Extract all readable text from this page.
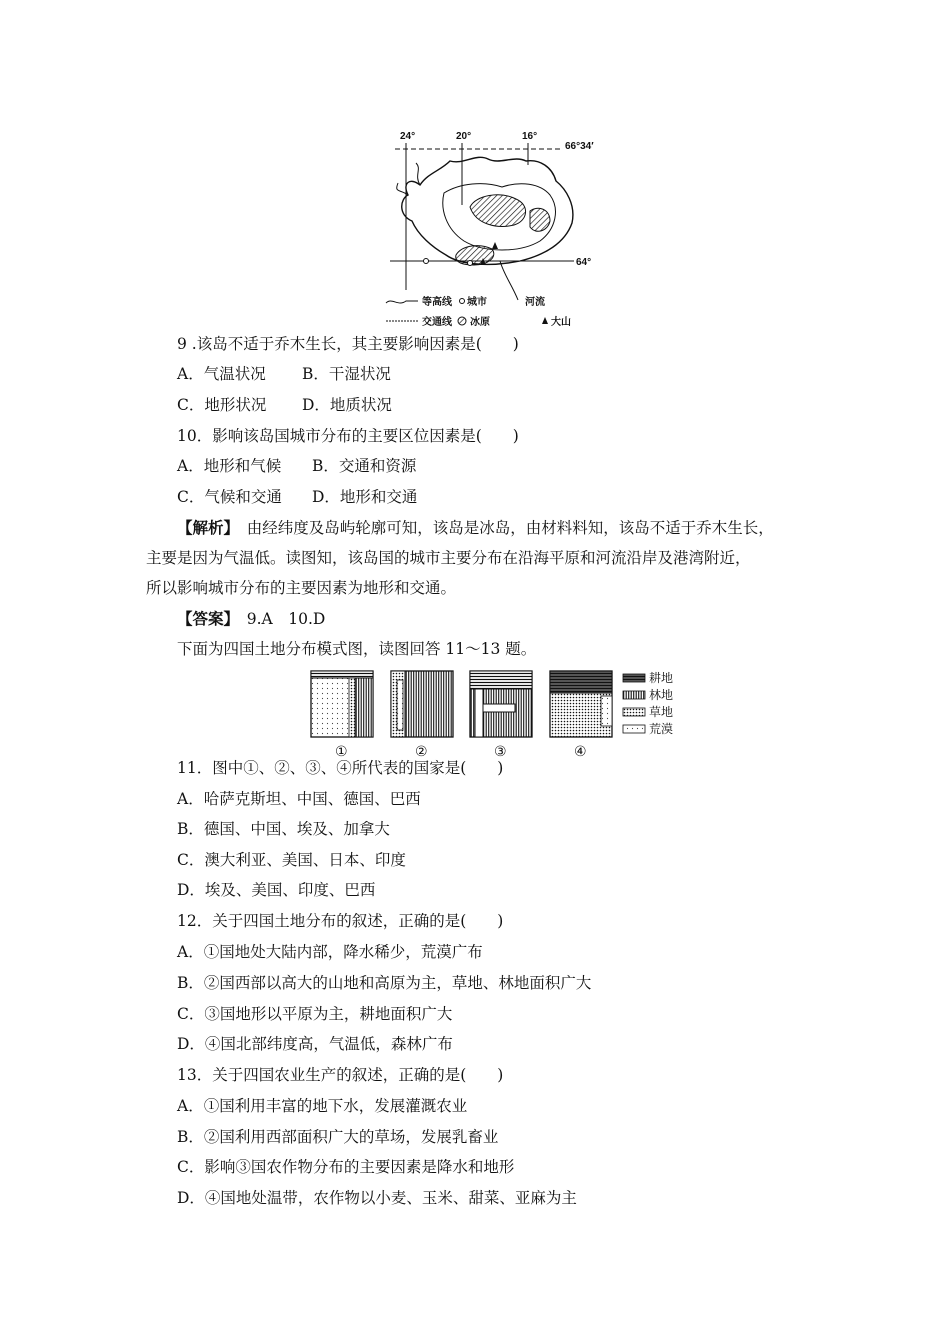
24°	20°	16°
66°34′
64°
等高线 城市	河流
交通线 冰原	大山
9 .该岛不适于乔木生长，其主要影响因素是(　　)
A．气温状况 B．干湿状况
C．地形状况 D．地质状况
10．影响该岛国城市分布的主要区位因素是(　　)
A．地形和气候 B．交通和资源
C．气候和交通 D．地形和交通
【解析】　由经纬度及岛屿轮廓可知，该岛是冰岛，由材料料知，该岛不适于乔木生长，
主要是因为气温低。读图知，该岛国的城市主要分布在沿海平原和河流沿岸及港湾附近，
所以影响城市分布的主要因素为地形和交通。
【答案】　9.A　10.D
下面为四国土地分布模式图，读图回答 11～13 题。
①	②	③	④
耕地
林地
草地
荒漠
11．图中①、②、③、④所代表的国家是(　　)
A．哈萨克斯坦、中国、德国、巴西
B．德国、中国、埃及、加拿大
C．澳大利亚、美国、日本、印度
D．埃及、美国、印度、巴西
12．关于四国土地分布的叙述，正确的是(　　)
A．①国地处大陆内部，降水稀少，荒漠广布
B．②国西部以高大的山地和高原为主，草地、林地面积广大
C．③国地形以平原为主，耕地面积广大
D．④国北部纬度高，气温低，森林广布
13．关于四国农业生产的叙述，正确的是(　　)
A．①国利用丰富的地下水，发展灌溉农业
B．②国利用西部面积广大的草场，发展乳畜业
C．影响③国农作物分布的主要因素是降水和地形
D．④国地处温带，农作物以小麦、玉米、甜菜、亚麻为主
